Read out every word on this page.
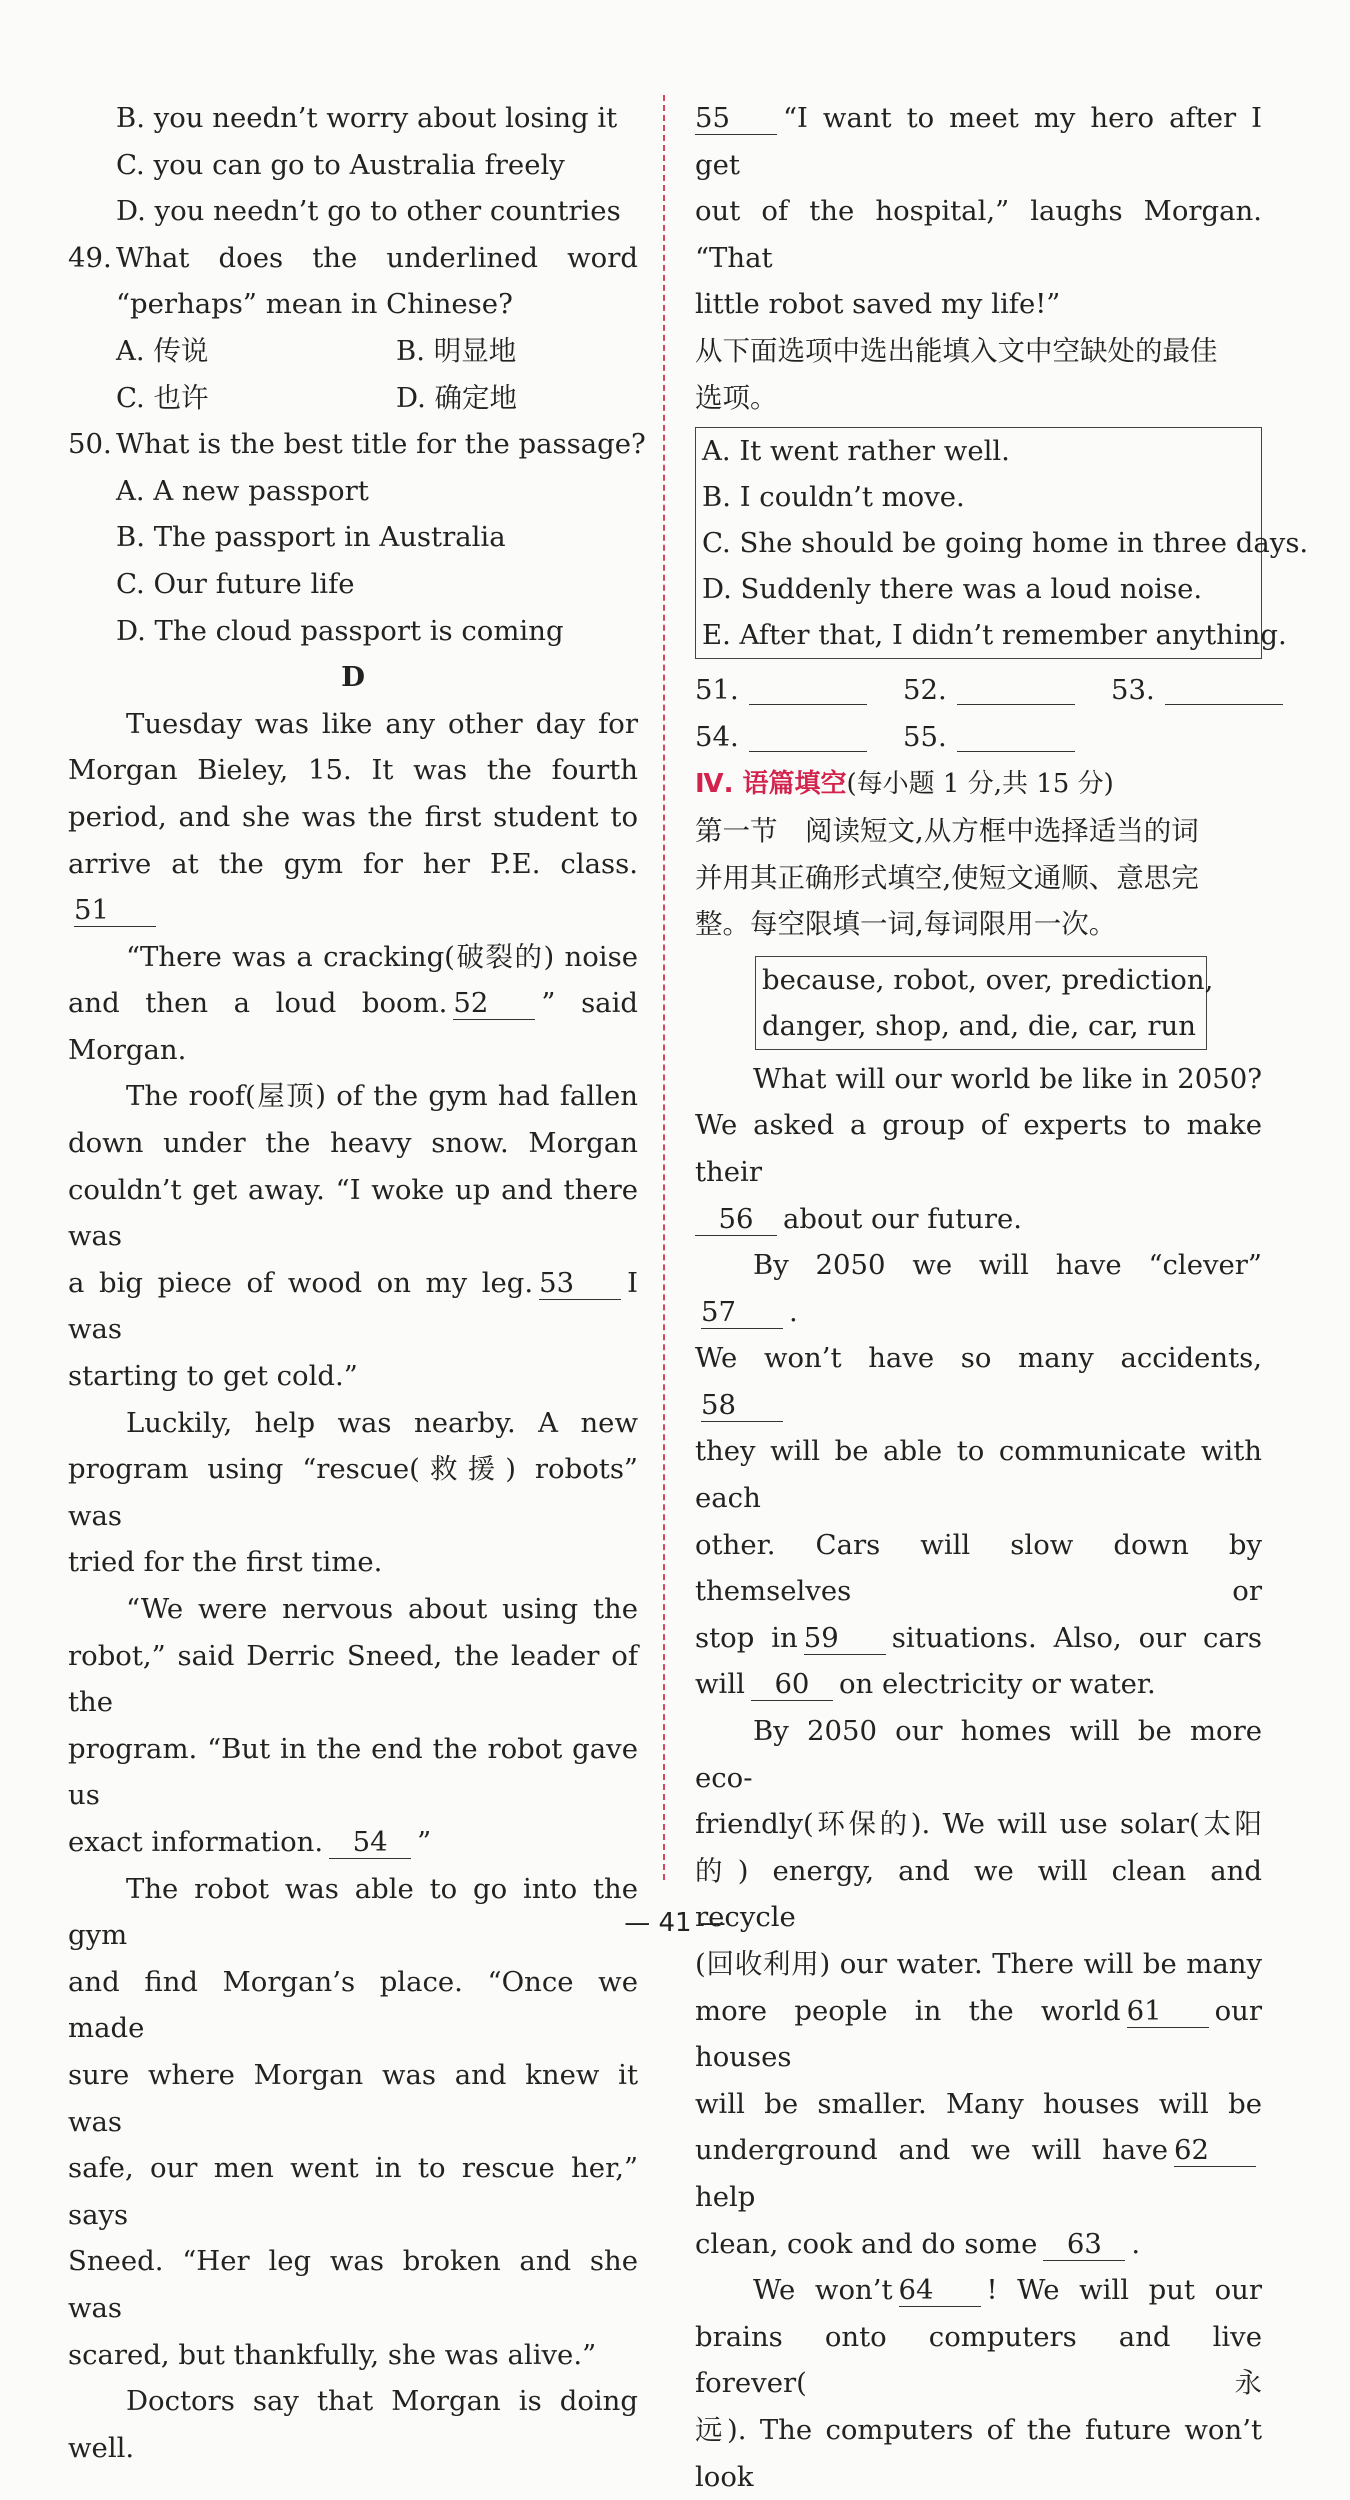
B. you needn’t worry about losing it
C. you can go to Australia freely
D. you needn’t go to other countries
49. What does the underlined word
“perhaps” mean in Chinese?
A. 传说	B. 明显地
C. 也许	D. 确定地
50. What is the best title for the passage?
A. A new passport
B. The passport in Australia
C. Our future life
D. The cloud passport is coming
D
Tuesday was like any other day for
Morgan Bieley, 15. It was the fourth
period, and she was the first student to
arrive at the gym for her P.E. class.51
“There was a cracking(破裂的) noise
and then a loud boom. 52 ” said Morgan.
The roof(屋顶) of the gym had fallen
down under the heavy snow. Morgan
couldn’t get away. “I woke up and there was
a big piece of wood on my leg. 53 I was
starting to get cold.”
Luckily, help was nearby. A new
program using “rescue(救援) robots” was
tried for the first time.
“We were nervous about using the
robot,” said Derric Sneed, the leader of the
program. “But in the end the robot gave us
exact information. 54 ”
The robot was able to go into the gym
and find Morgan’s place. “Once we made
sure where Morgan was and knew it was
safe, our men went in to rescue her,” says
Sneed. “Her leg was broken and she was
scared, but thankfully, she was alive.”
Doctors say that Morgan is doing well.
55 “I want to meet my hero after I get
out of the hospital,” laughs Morgan. “That
little robot saved my life!”
从下面选项中选出能填入文中空缺处的最佳
选项。
A. It went rather well.
B. I couldn’t move.
C. She should be going home in three days.
D. Suddenly there was a loud noise.
E. After that, I didn’t remember anything.
51.	52.	53.
54.	55.
Ⅳ. 语篇填空(每小题 1 分,共 15 分)
第一节　阅读短文,从方框中选择适当的词
并用其正确形式填空,使短文通顺、意思完
整。每空限填一词,每词限用一次。
because, robot, over, prediction,
danger, shop, and, die, car, run
What will our world be like in 2050?
We asked a group of experts to make their
56 about our future.
By 2050 we will have “clever”57 .
We won’t have so many accidents,58
they will be able to communicate with each
other. Cars will slow down by themselves or
stop in 59 situations. Also, our cars
will 60 on electricity or water.
By 2050 our homes will be more eco-
friendly(环保的). We will use solar(太阳
的) energy, and we will clean and recycle
(回收利用) our water. There will be many
more people in the world 61 our houses
will be smaller. Many houses will be
underground and we will have 62help
clean, cook and do some 63 .
We won’t 64 ! We will put our
brains onto computers and live forever(永
远). The computers of the future won’t look
— 41 —
